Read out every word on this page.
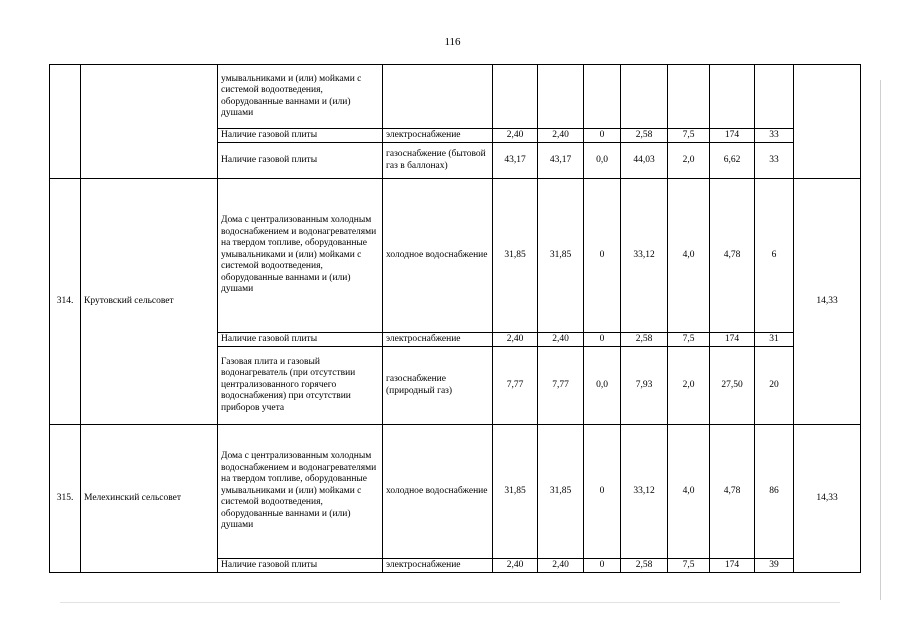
116
		умывальниками и (или) мойками с системой водоотведения, оборудованные ваннами и (или) душами									
		Наличие газовой плиты	электроснабжение	2,40	2,40	0	2,58	7,5	174	33	
		Наличие газовой плиты	газоснабжение (бытовой газ в баллонах)	43,17	43,17	0,0	44,03	2,0	6,62	33	
314.	Крутовский сельсовет	Дома с централизованным холодным водоснабжением и водонагревателями на твердом топливе, оборудованные умывальниками и (или) мойками с системой водоотведения, оборудованные ваннами и (или) душами	холодное водоснабжение	31,85	31,85	0	33,12	4,0	4,78	6	14,33
		Наличие газовой плиты	электроснабжение	2,40	2,40	0	2,58	7,5	174	31	
		Газовая плита и газовый водонагреватель (при отсутствии централизованного горячего водоснабжения) при отсутствии приборов учета	газоснабжение (природный газ)	7,77	7,77	0,0	7,93	2,0	27,50	20	
315.	Мелехинский сельсовет	Дома с централизованным холодным водоснабжением и водонагревателями на твердом топливе, оборудованные умывальниками и (или) мойками с системой водоотведения, оборудованные ваннами и (или) душами	холодное водоснабжение	31,85	31,85	0	33,12	4,0	4,78	86	14,33
		Наличие газовой плиты	электроснабжение	2,40	2,40	0	2,58	7,5	174	39	
